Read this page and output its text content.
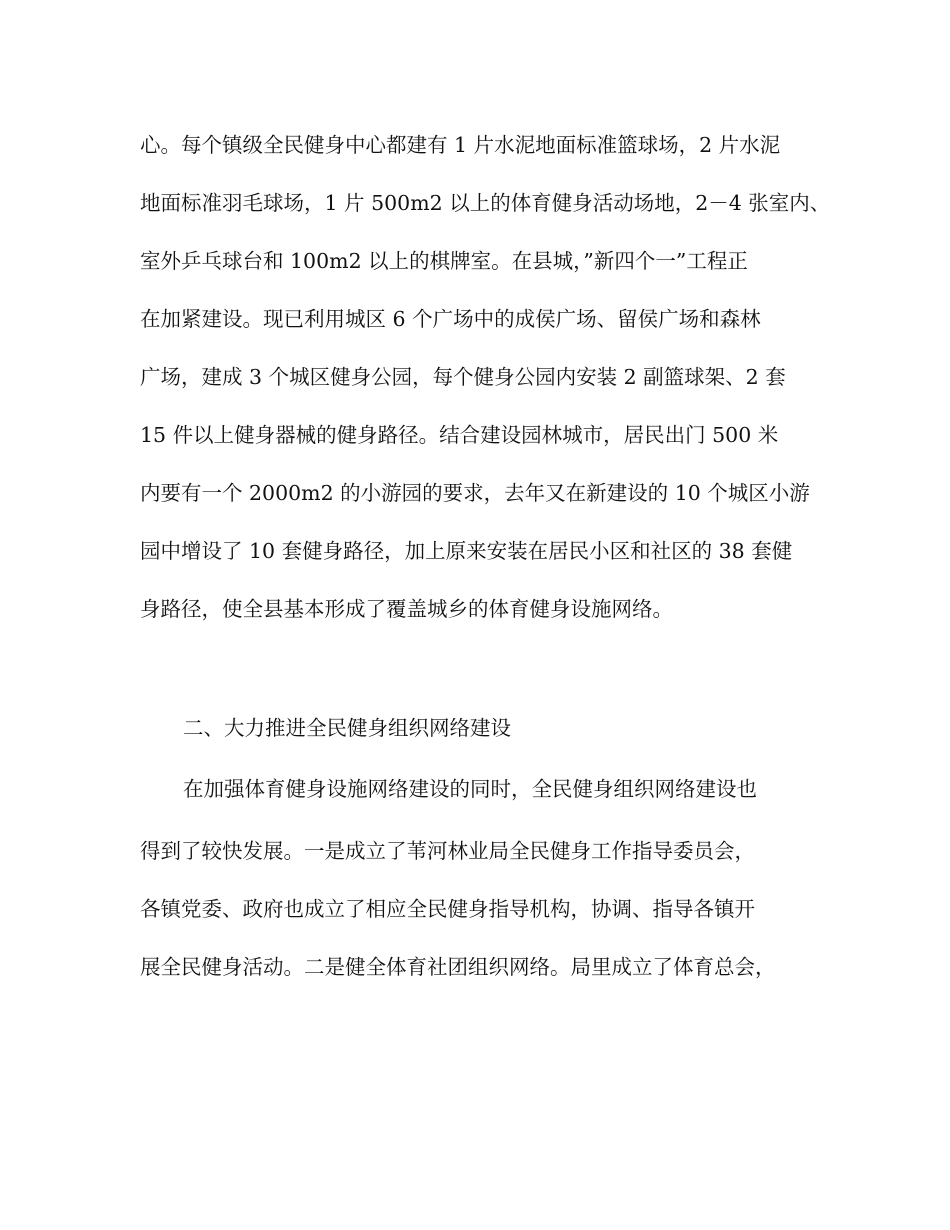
心。每个镇级全民健身中心都建有 1 片水泥地面标准篮球场，2 片水泥
地面标准羽毛球场，1 片 500m2 以上的体育健身活动场地，2－4 张室内、
室外乒乓球台和 100m2 以上的棋牌室。在县城，”新四个一”工程正
在加紧建设。现已利用城区 6 个广场中的成侯广场、留侯广场和森林
广场，建成 3 个城区健身公园，每个健身公园内安装 2 副篮球架、2 套
15 件以上健身器械的健身路径。结合建设园林城市，居民出门 500 米
内要有一个 2000m2 的小游园的要求，去年又在新建设的 10 个城区小游
园中增设了 10 套健身路径，加上原来安装在居民小区和社区的 38 套健
身路径，使全县基本形成了覆盖城乡的体育健身设施网络。
二、大力推进全民健身组织网络建设
在加强体育健身设施网络建设的同时，全民健身组织网络建设也
得到了较快发展。一是成立了苇河林业局全民健身工作指导委员会，
各镇党委、政府也成立了相应全民健身指导机构，协调、指导各镇开
展全民健身活动。二是健全体育社团组织网络。局里成立了体育总会，
